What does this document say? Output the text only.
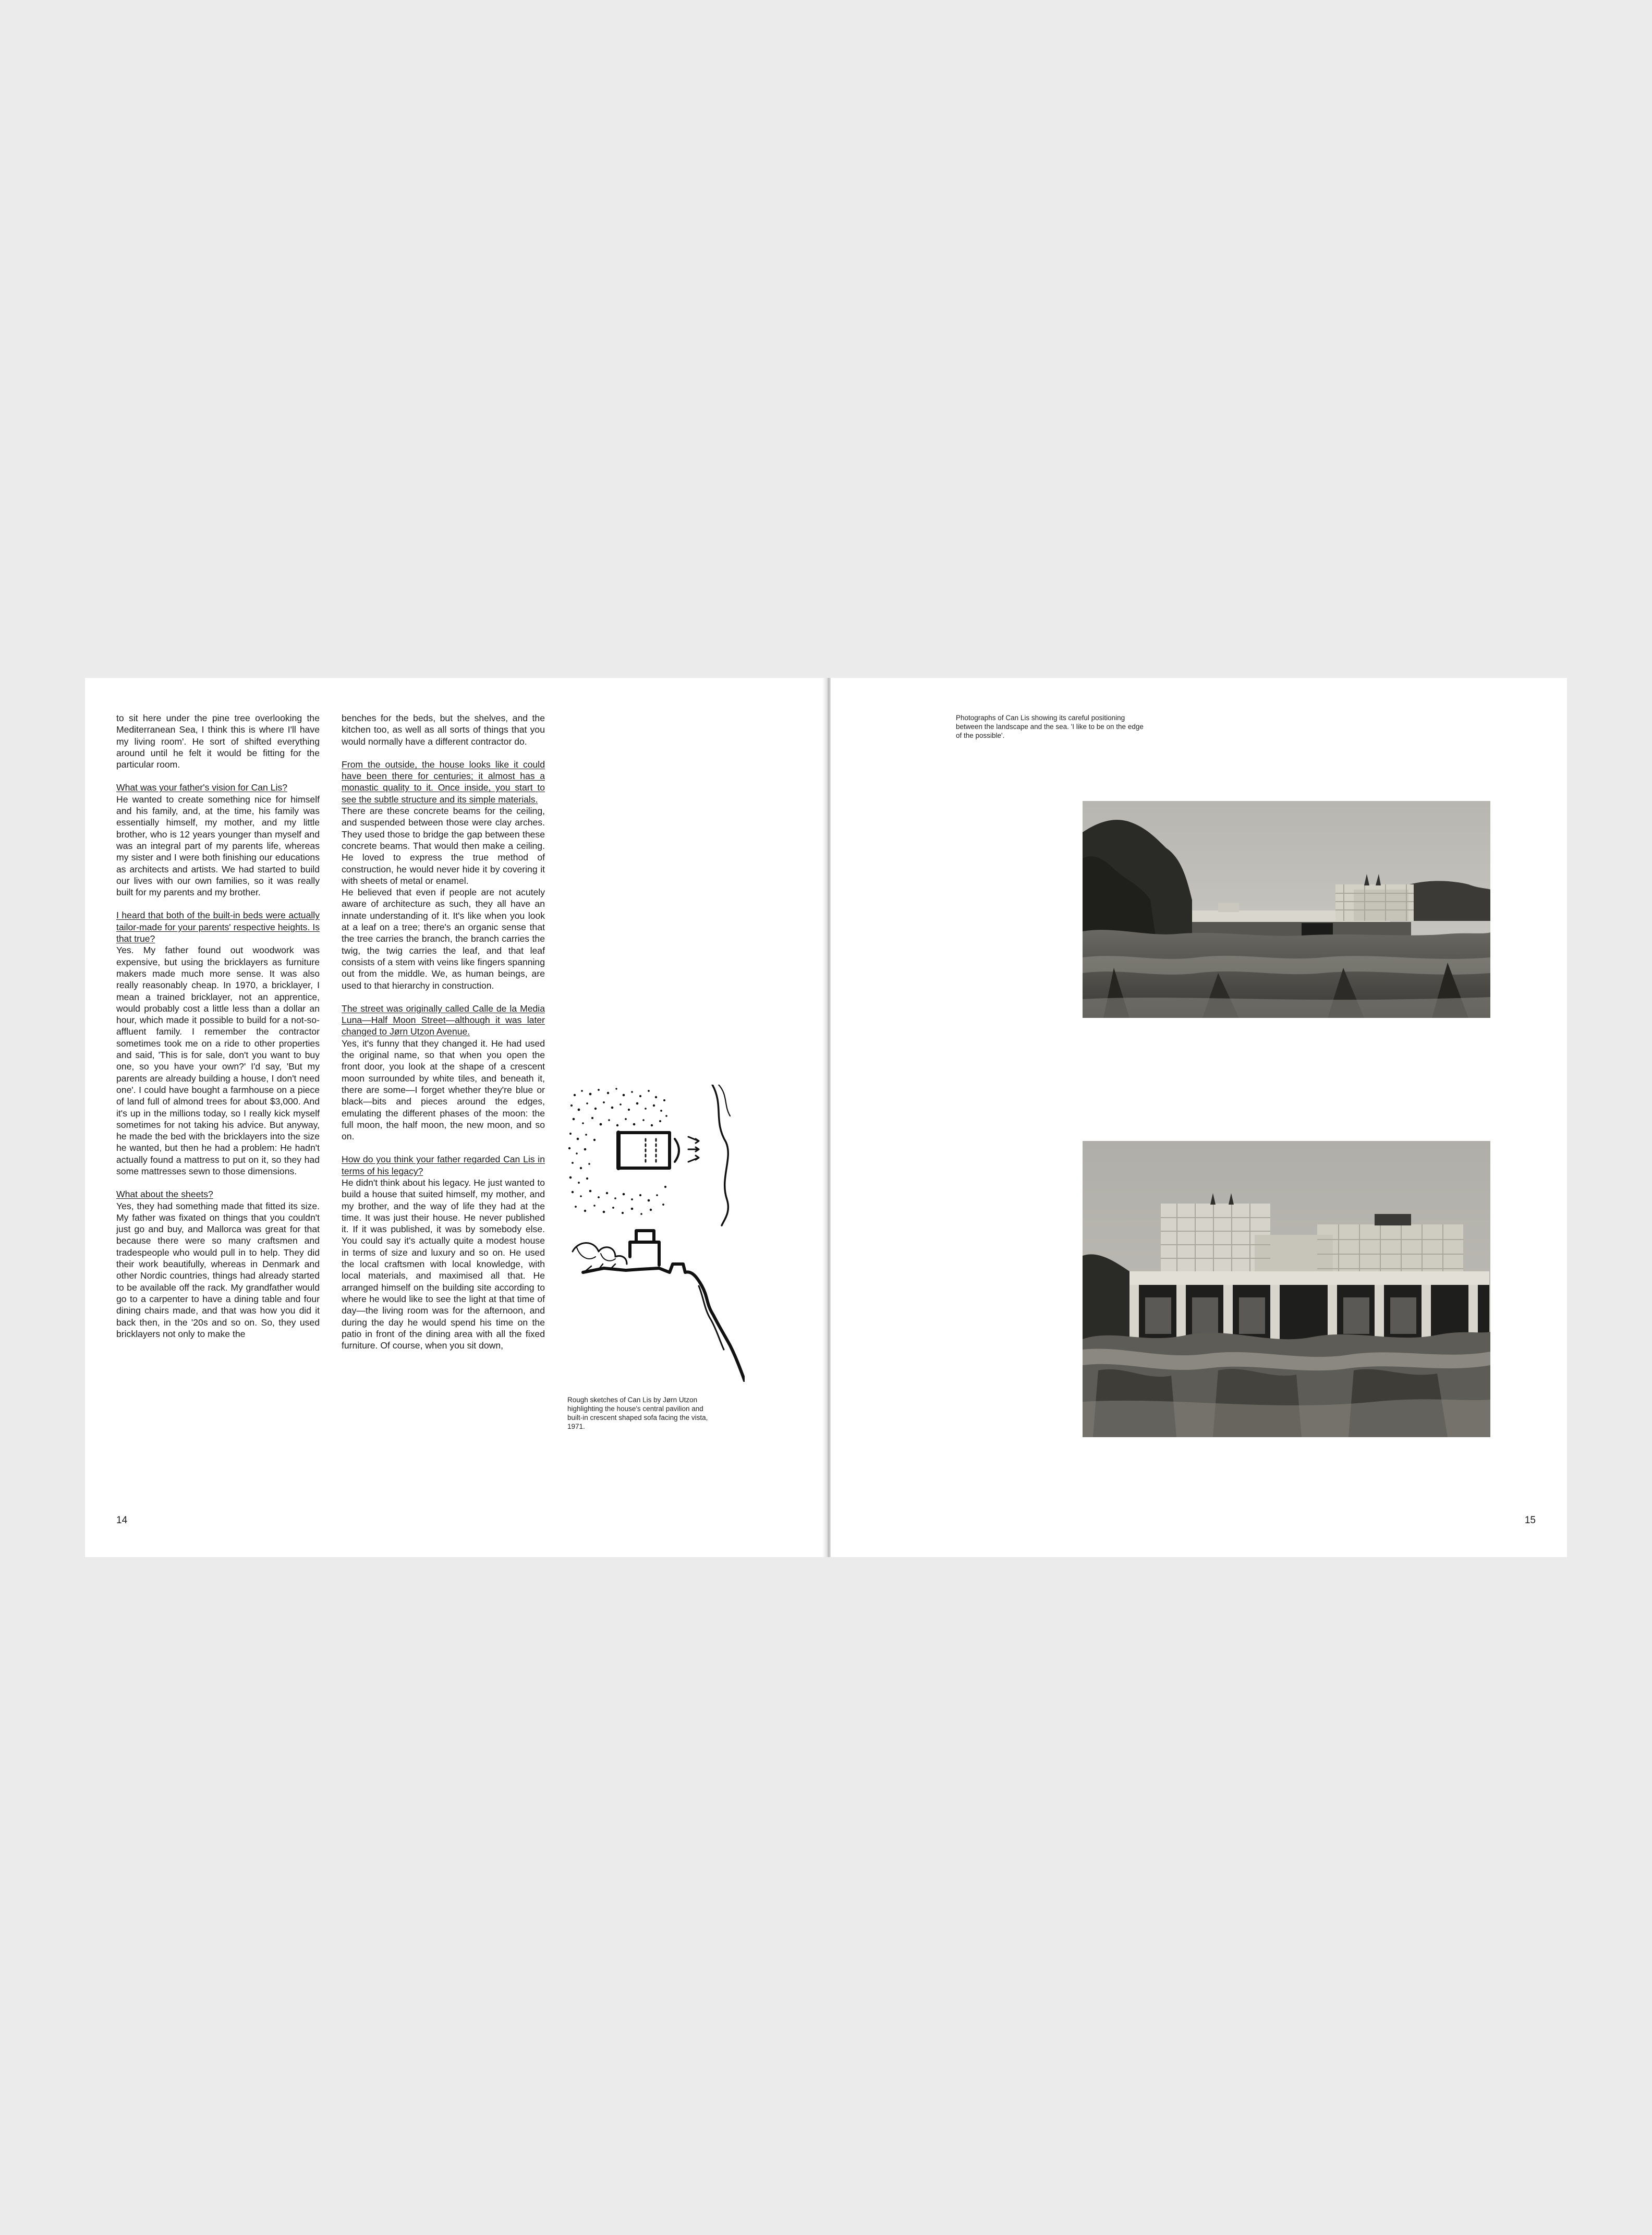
to sit here under the pine tree overlooking the Mediterranean Sea, I think this is where I'll have my living room'. He sort of shifted everything around until he felt it would be fitting for the particular room.

What was your father's vision for Can Lis?

He wanted to create something nice for himself and his family, and, at the time, his family was essentially himself, my mother, and my little brother, who is 12 years younger than myself and was an integral part of my parents life, whereas my sister and I were both finishing our educations as architects and artists. We had started to build our lives with our own families, so it was really built for my parents and my brother.

I heard that both of the built-in beds were actually tailor-made for your parents' respective heights. Is that true?

Yes. My father found out woodwork was expensive, but using the bricklayers as furniture makers made much more sense. It was also really reasonably cheap. In 1970, a bricklayer, I mean a trained bricklayer, not an apprentice, would probably cost a little less than a dollar an hour, which made it possible to build for a not-so-affluent family. I remember the contractor sometimes took me on a ride to other properties and said, 'This is for sale, don't you want to buy one, so you have your own?' I'd say, 'But my parents are already building a house, I don't need one'. I could have bought a farmhouse on a piece of land full of almond trees for about $3,000. And it's up in the millions today, so I really kick myself sometimes for not taking his advice. But anyway, he made the bed with the bricklayers into the size he wanted, but then he had a problem: He hadn't actually found a mattress to put on it, so they had some mattresses sewn to those dimensions.

What about the sheets?

Yes, they had something made that fitted its size. My father was fixated on things that you couldn't just go and buy, and Mallorca was great for that because there were so many craftsmen and tradespeople who would pull in to help. They did their work beautifully, whereas in Denmark and other Nordic countries, things had already started to be available off the rack. My grandfather would go to a carpenter to have a dining table and four dining chairs made, and that was how you did it back then, in the '20s and so on. So, they used bricklayers not only to make the

benches for the beds, but the shelves, and the kitchen too, as well as all sorts of things that you would normally have a different contractor do.

From the outside, the house looks like it could have been there for centuries; it almost has a monastic quality to it. Once inside, you start to see the subtle structure and its simple materials.

There are these concrete beams for the ceiling, and suspended between those were clay arches. They used those to bridge the gap between these concrete beams. That would then make a ceiling. He loved to express the true method of construction, he would never hide it by covering it with sheets of metal or enamel.

He believed that even if people are not acutely aware of architecture as such, they all have an innate understanding of it. It's like when you look at a leaf on a tree; there's an organic sense that the tree carries the branch, the branch carries the twig, the twig carries the leaf, and that leaf consists of a stem with veins like fingers spanning out from the middle. We, as human beings, are used to that hierarchy in construction.

The street was originally called Calle de la Media Luna—Half Moon Street—although it was later changed to Jørn Utzon Avenue.

Yes, it's funny that they changed it. He had used the original name, so that when you open the front door, you look at the shape of a crescent moon surrounded by white tiles, and beneath it, there are some—I forget whether they're blue or black—bits and pieces around the edges, emulating the different phases of the moon: the full moon, the half moon, the new moon, and so on.

How do you think your father regarded Can Lis in terms of his legacy?

He didn't think about his legacy. He just wanted to build a house that suited himself, my mother, and my brother, and the way of life they had at the time. It was just their house. He never published it. If it was published, it was by somebody else. You could say it's actually quite a modest house in terms of size and luxury and so on. He used the local craftsmen with local knowledge, with local materials, and maximised all that. He arranged himself on the building site according to where he would like to see the light at that time of day—the living room was for the afternoon, and during the day he would spend his time on the patio in front of the dining area with all the fixed furniture. Of course, when you sit down,

Rough sketches of Can Lis by Jørn Utzon highlighting the house's central pavilion and built-in crescent shaped sofa facing the vista, 1971.
14
Photographs of Can Lis showing its careful positioning between the landscape and the sea. 'I like to be on the edge of the possible'.
15
